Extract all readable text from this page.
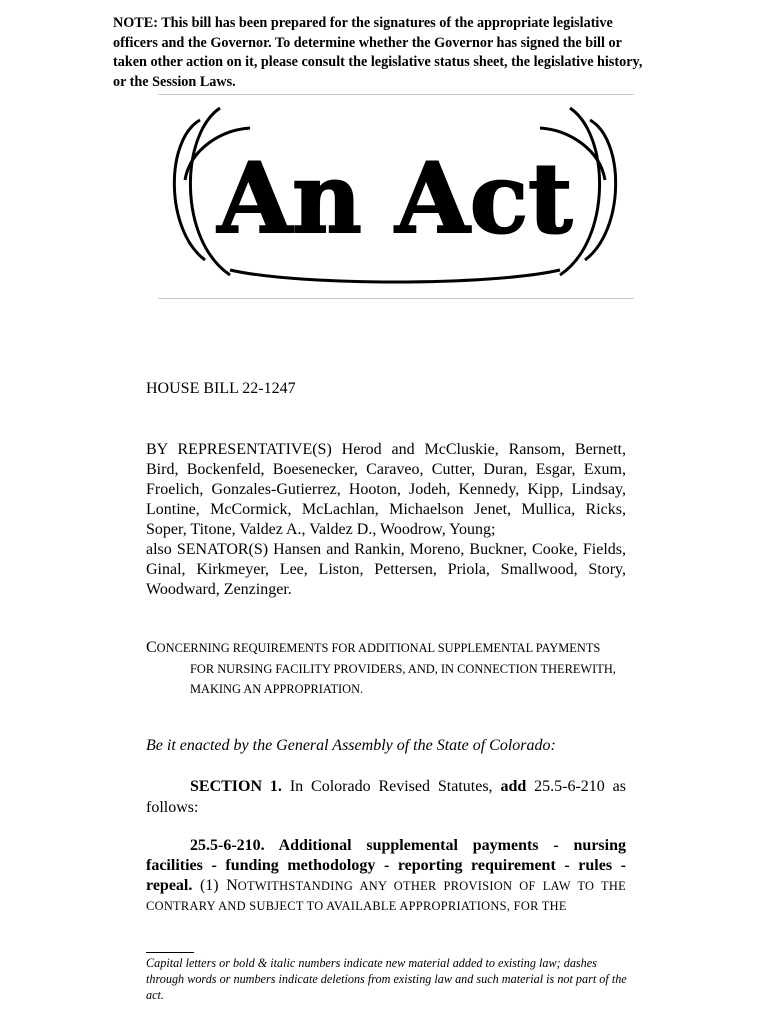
NOTE: This bill has been prepared for the signatures of the appropriate legislative officers and the Governor. To determine whether the Governor has signed the bill or taken other action on it, please consult the legislative status sheet, the legislative history, or the Session Laws.
An Act
HOUSE BILL 22-1247

BY REPRESENTATIVE(S) Herod and McCluskie, Ransom, Bernett, Bird, Bockenfeld, Boesenecker, Caraveo, Cutter, Duran, Esgar, Exum, Froelich, Gonzales-Gutierrez, Hooton, Jodeh, Kennedy, Kipp, Lindsay, Lontine, McCormick, McLachlan, Michaelson Jenet, Mullica, Ricks, Soper, Titone, Valdez A., Valdez D., Woodrow, Young;

also SENATOR(S) Hansen and Rankin, Moreno, Buckner, Cooke, Fields, Ginal, Kirkmeyer, Lee, Liston, Pettersen, Priola, Smallwood, Story, Woodward, Zenzinger.

CONCERNING REQUIREMENTS FOR ADDITIONAL SUPPLEMENTAL PAYMENTS
FOR NURSING FACILITY PROVIDERS, AND, IN CONNECTION THEREWITH,
MAKING AN APPROPRIATION.
Be it enacted by the General Assembly of the State of Colorado:
SECTION 1. In Colorado Revised Statutes, add 25.5-6-210 as follows:
25.5-6-210. Additional supplemental payments - nursing facilities - funding methodology - reporting requirement - rules - repeal. (1) NOTWITHSTANDING ANY OTHER PROVISION OF LAW TO THE CONTRARY AND SUBJECT TO AVAILABLE APPROPRIATIONS, FOR THE
Capital letters or bold & italic numbers indicate new material added to existing law; dashes through words or numbers indicate deletions from existing law and such material is not part of the act.
